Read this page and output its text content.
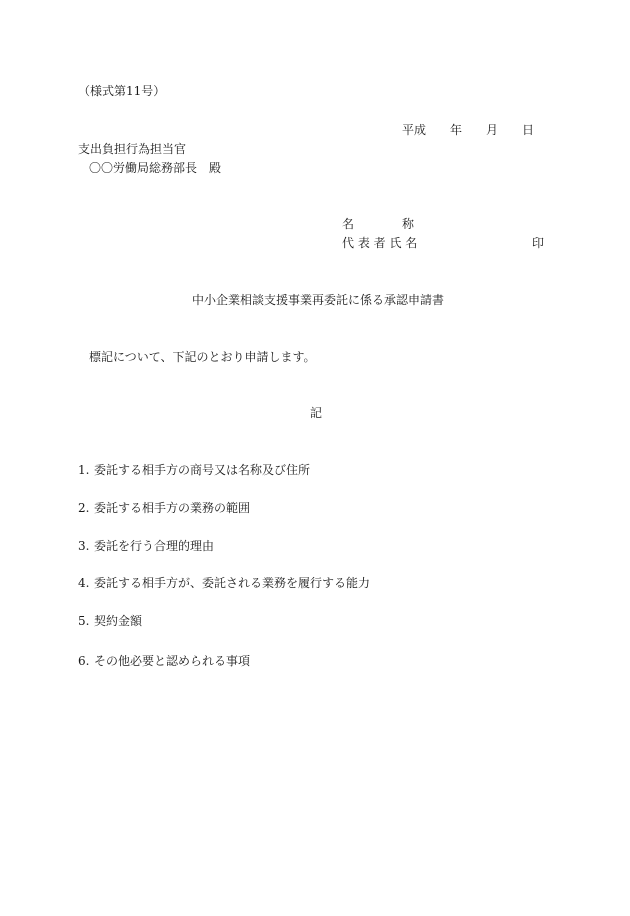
（様式第11号）
平成 年 月 日
支出負担行為担当官
〇〇労働局総務部長　殿
名	称
代 表 者 氏 名	印
中小企業相談支援事業再委託に係る承認申請書
標記について、下記のとおり申請します。
記
1. 委託する相手方の商号又は名称及び住所
2. 委託する相手方の業務の範囲
3. 委託を行う合理的理由
4. 委託する相手方が、委託される業務を履行する能力
5. 契約金額
6. その他必要と認められる事項
